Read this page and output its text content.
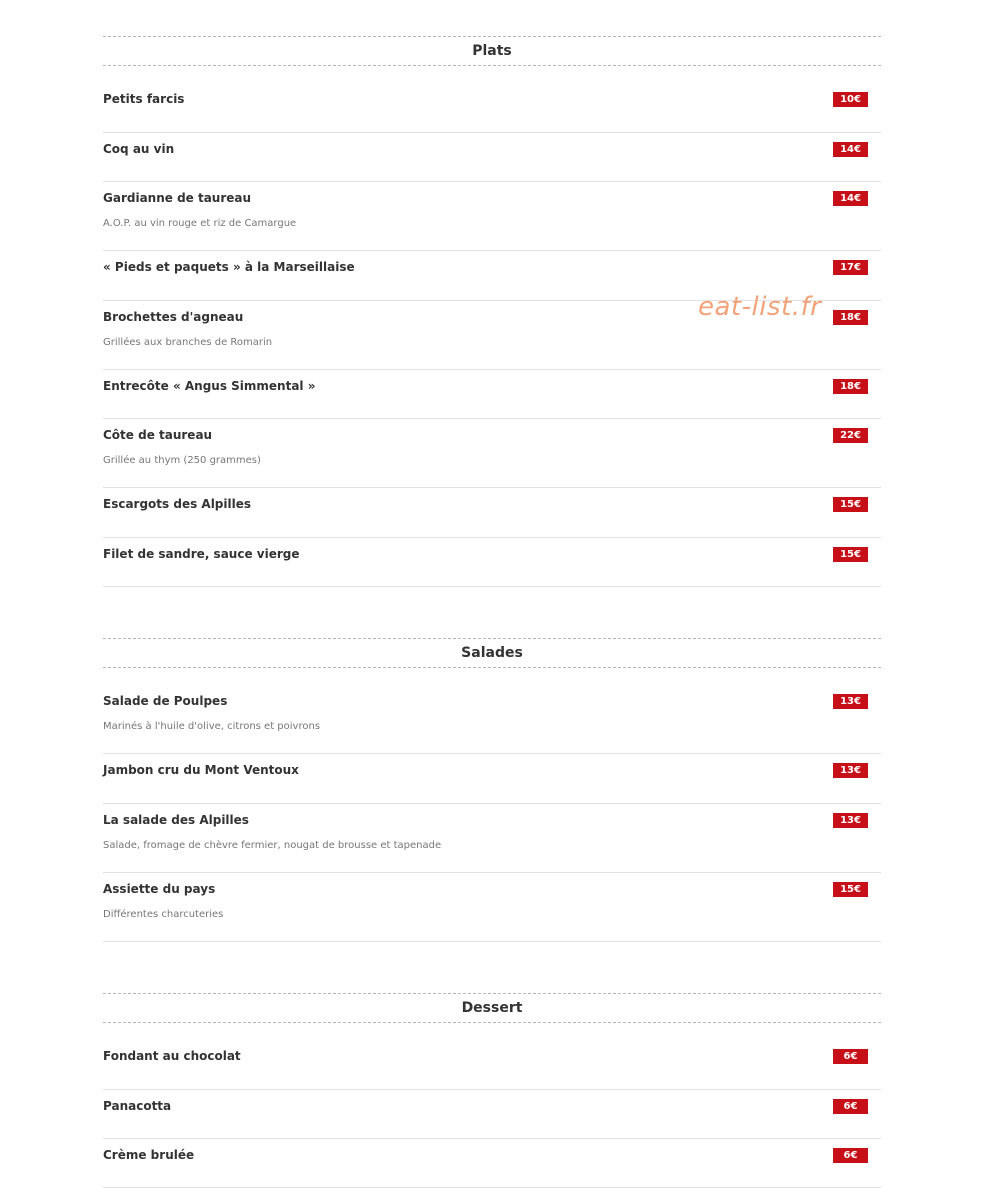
Plats
Petits farcis	10€
Coq au vin	14€
Gardianne de taureau	14€
A.O.P. au vin rouge et riz de Camargue
« Pieds et paquets » à la Marseillaise	17€
Brochettes d'agneau	18€
Grillées aux branches de Romarin
Entrecôte « Angus Simmental »	18€
Côte de taureau	22€
Grillée au thym (250 grammes)
Escargots des Alpilles	15€
Filet de sandre, sauce vierge	15€
Salades
Salade de Poulpes	13€
Marinés à l'huile d'olive, citrons et poivrons
Jambon cru du Mont Ventoux	13€
La salade des Alpilles	13€
Salade, fromage de chèvre fermier, nougat de brousse et tapenade
Assiette du pays	15€
Différentes charcuteries
Dessert
Fondant au chocolat	6€
Panacotta	6€
Crème brulée	6€
eat-list.fr
